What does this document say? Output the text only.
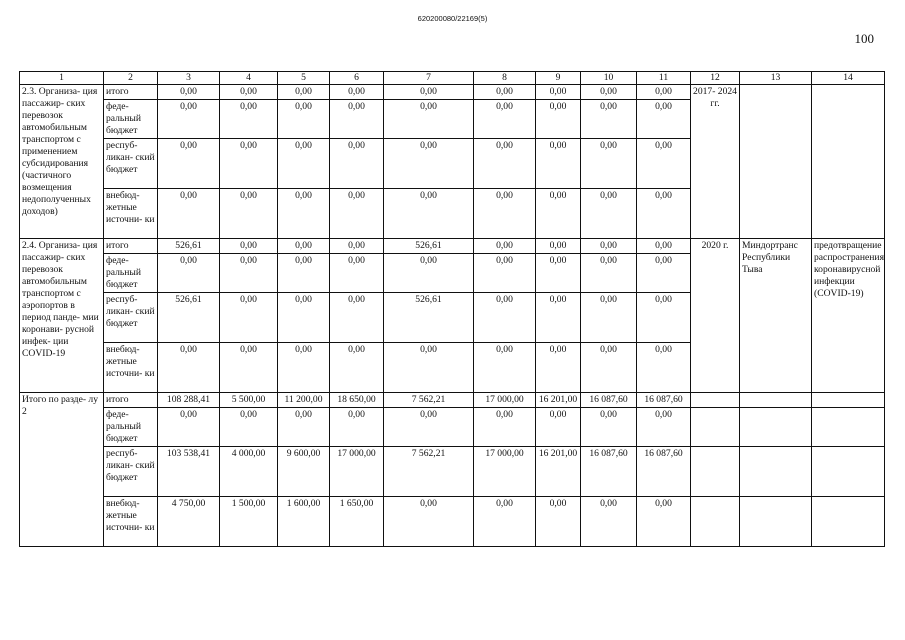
620200080/22169(5)
100
1	2	3	4	5	6	7	8	9	10	11	12	13	14
2.3. Организа- ция пассажир- ских перевозок автомобильным транспортом с применением субсидирования (частичного возмещения недополученных доходов)	итого	0,00	0,00	0,00	0,00	0,00	0,00	0,00	0,00	0,00	2017- 2024 гг.		
	феде- ральный бюджет	0,00	0,00	0,00	0,00	0,00	0,00	0,00	0,00	0,00			
	респуб- ликан- ский бюджет	0,00	0,00	0,00	0,00	0,00	0,00	0,00	0,00	0,00			
	внебюд- жетные источни- ки	0,00	0,00	0,00	0,00	0,00	0,00	0,00	0,00	0,00			
2.4. Организа- ция пассажир- ских перевозок автомобильным транспортом с аэропортов в период панде- мии коронави- русной инфек- ции COVID-19	итого	526,61	0,00	0,00	0,00	526,61	0,00	0,00	0,00	0,00	2020 г.	Миндортранс Республики Тыва	предотвращение распространения коронавирусной инфекции (COVID-19)
	феде- ральный бюджет	0,00	0,00	0,00	0,00	0,00	0,00	0,00	0,00	0,00			
	респуб- ликан- ский бюджет	526,61	0,00	0,00	0,00	526,61	0,00	0,00	0,00	0,00			
	внебюд- жетные источни- ки	0,00	0,00	0,00	0,00	0,00	0,00	0,00	0,00	0,00			
Итого по разде- лу 2	итого	108 288,41	5 500,00	11 200,00	18 650,00	7 562,21	17 000,00	16 201,00	16 087,60	16 087,60			
	феде- ральный бюджет	0,00	0,00	0,00	0,00	0,00	0,00	0,00	0,00	0,00			
	респуб- ликан- ский бюджет	103 538,41	4 000,00	9 600,00	17 000,00	7 562,21	17 000,00	16 201,00	16 087,60	16 087,60			
	внебюд- жетные источни- ки	4 750,00	1 500,00	1 600,00	1 650,00	0,00	0,00	0,00	0,00	0,00			
